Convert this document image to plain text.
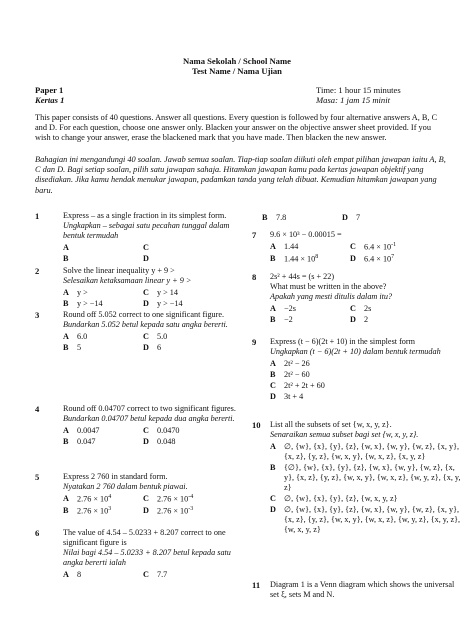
Nama Sekolah / School Name
Test Name / Nama Ujian
Paper 1
Kertas 1
Time: 1 hour 15 minutes
Masa: 1 jam 15 minit
This paper consists of 40 questions. Answer all questions. Every question is followed by four alternative answers A, B, C and D. For each question, choose one answer only. Blacken your answer on the objective answer sheet provided. If you wish to change your answer, erase the blackened mark that you have made. Then blacken the new answer.
Bahagian ini mengandungi 40 soalan. Jawab semua soalan. Tiap-tiap soalan diikuti oleh empat pilihan jawapan iaitu A, B, C dan D. Bagi setiap soalan, pilih satu jawapan sahaja. Hitamkan jawapan kamu pada kertas jawapan objektif yang disediakan. Jika kamu hendak menukar jawapan, padamkan tanda yang telah dibuat. Kemudian hitamkan jawapan yang baru.
1	Express – as a single fraction in its simplest form.
Ungkapkan – sebagai satu pecahan tunggal dalam bentuk termudah
A	C
B	D
2	Solve the linear inequality y + 9 >
Selesaikan ketaksamaan linear y + 9 >
A y >	C y > 14
B	y > −14	D y > −14
3	Round off 5.052 correct to one significant figure.
Bundarkan 5.052 betul kepada satu angka bererti.
A 6.0	C 5.0
B	5	D 6
4	Round off 0.04707 correct to two significant figures.
Bundarkan 0.04707 betul kepada dua angka bererti.
A 0.0047	C 0.0470
B	0.047	D 0.048
5	Express 2 760 in standard form.
Nyatakan 2 760 dalam bentuk piawai.
A $2.76 \times 10^4$	C $2.76 \times 10^{-4}$
B	$2.76 \times 10^3$	D $2.76 \times 10^{-3}$
6	The value of 4.54 – 5.0233 + 8.207 correct to one significant figure is
Nilai bagi 4.54 – 5.0233 + 8.207 betul kepada satu angka bererti ialah
A 8	C 7.7
B	7.8	D 7
7 9.6 × 10³ − 0.00015 =
A 1.44	C $6.4 \times 10^{-1}$
B	$1.44 \times 10^8$	D $6.4 \times 10^7$
8 2s² + 44s = (s + 22)
What must be written in the above?
Apakah yang mesti ditulis dalam itu?
A −2s	C 2s
B	−2	D 2
9 Express (t − 6)(2t + 10) in the simplest form
Ungkapkan (t − 6)(2t + 10) dalam bentuk termudah
A 2t² − 26
B	2t² − 60
C 2t² + 2t + 60
D 3t + 4
10 List all the subsets of set {w, x, y, z}.
Senaraikan semua subset bagi set {w, x, y, z}.
A ∅, {w}, {x}, {y}, {z}, {w, x}, {w, y}, {w, z}, {x, y}, {x, z}, {y, z}, {w, x, y}, {w, x, z}, {x, y, z}
B	{∅}, {w}, {x}, {y}, {z}, {w, x}, {w, y}, {w, z}, {x, y}, {x, z}, {y, z}, {w, x, y}, {w, x, z}, {w, y, z}, {x, y, z}
C ∅, {w}, {x}, {y}, {z}, {w, x, y, z}
D ∅, {w}, {x}, {y}, {z}, {w, x}, {w, y}, {w, z}, {x, y}, {x, z}, {y, z}, {w, x, y}, {w, x, z}, {w, y, z}, {x, y, z}, {w, x, y, z}
11 Diagram 1 is a Venn diagram which shows the universal set ξ, sets M and N.
